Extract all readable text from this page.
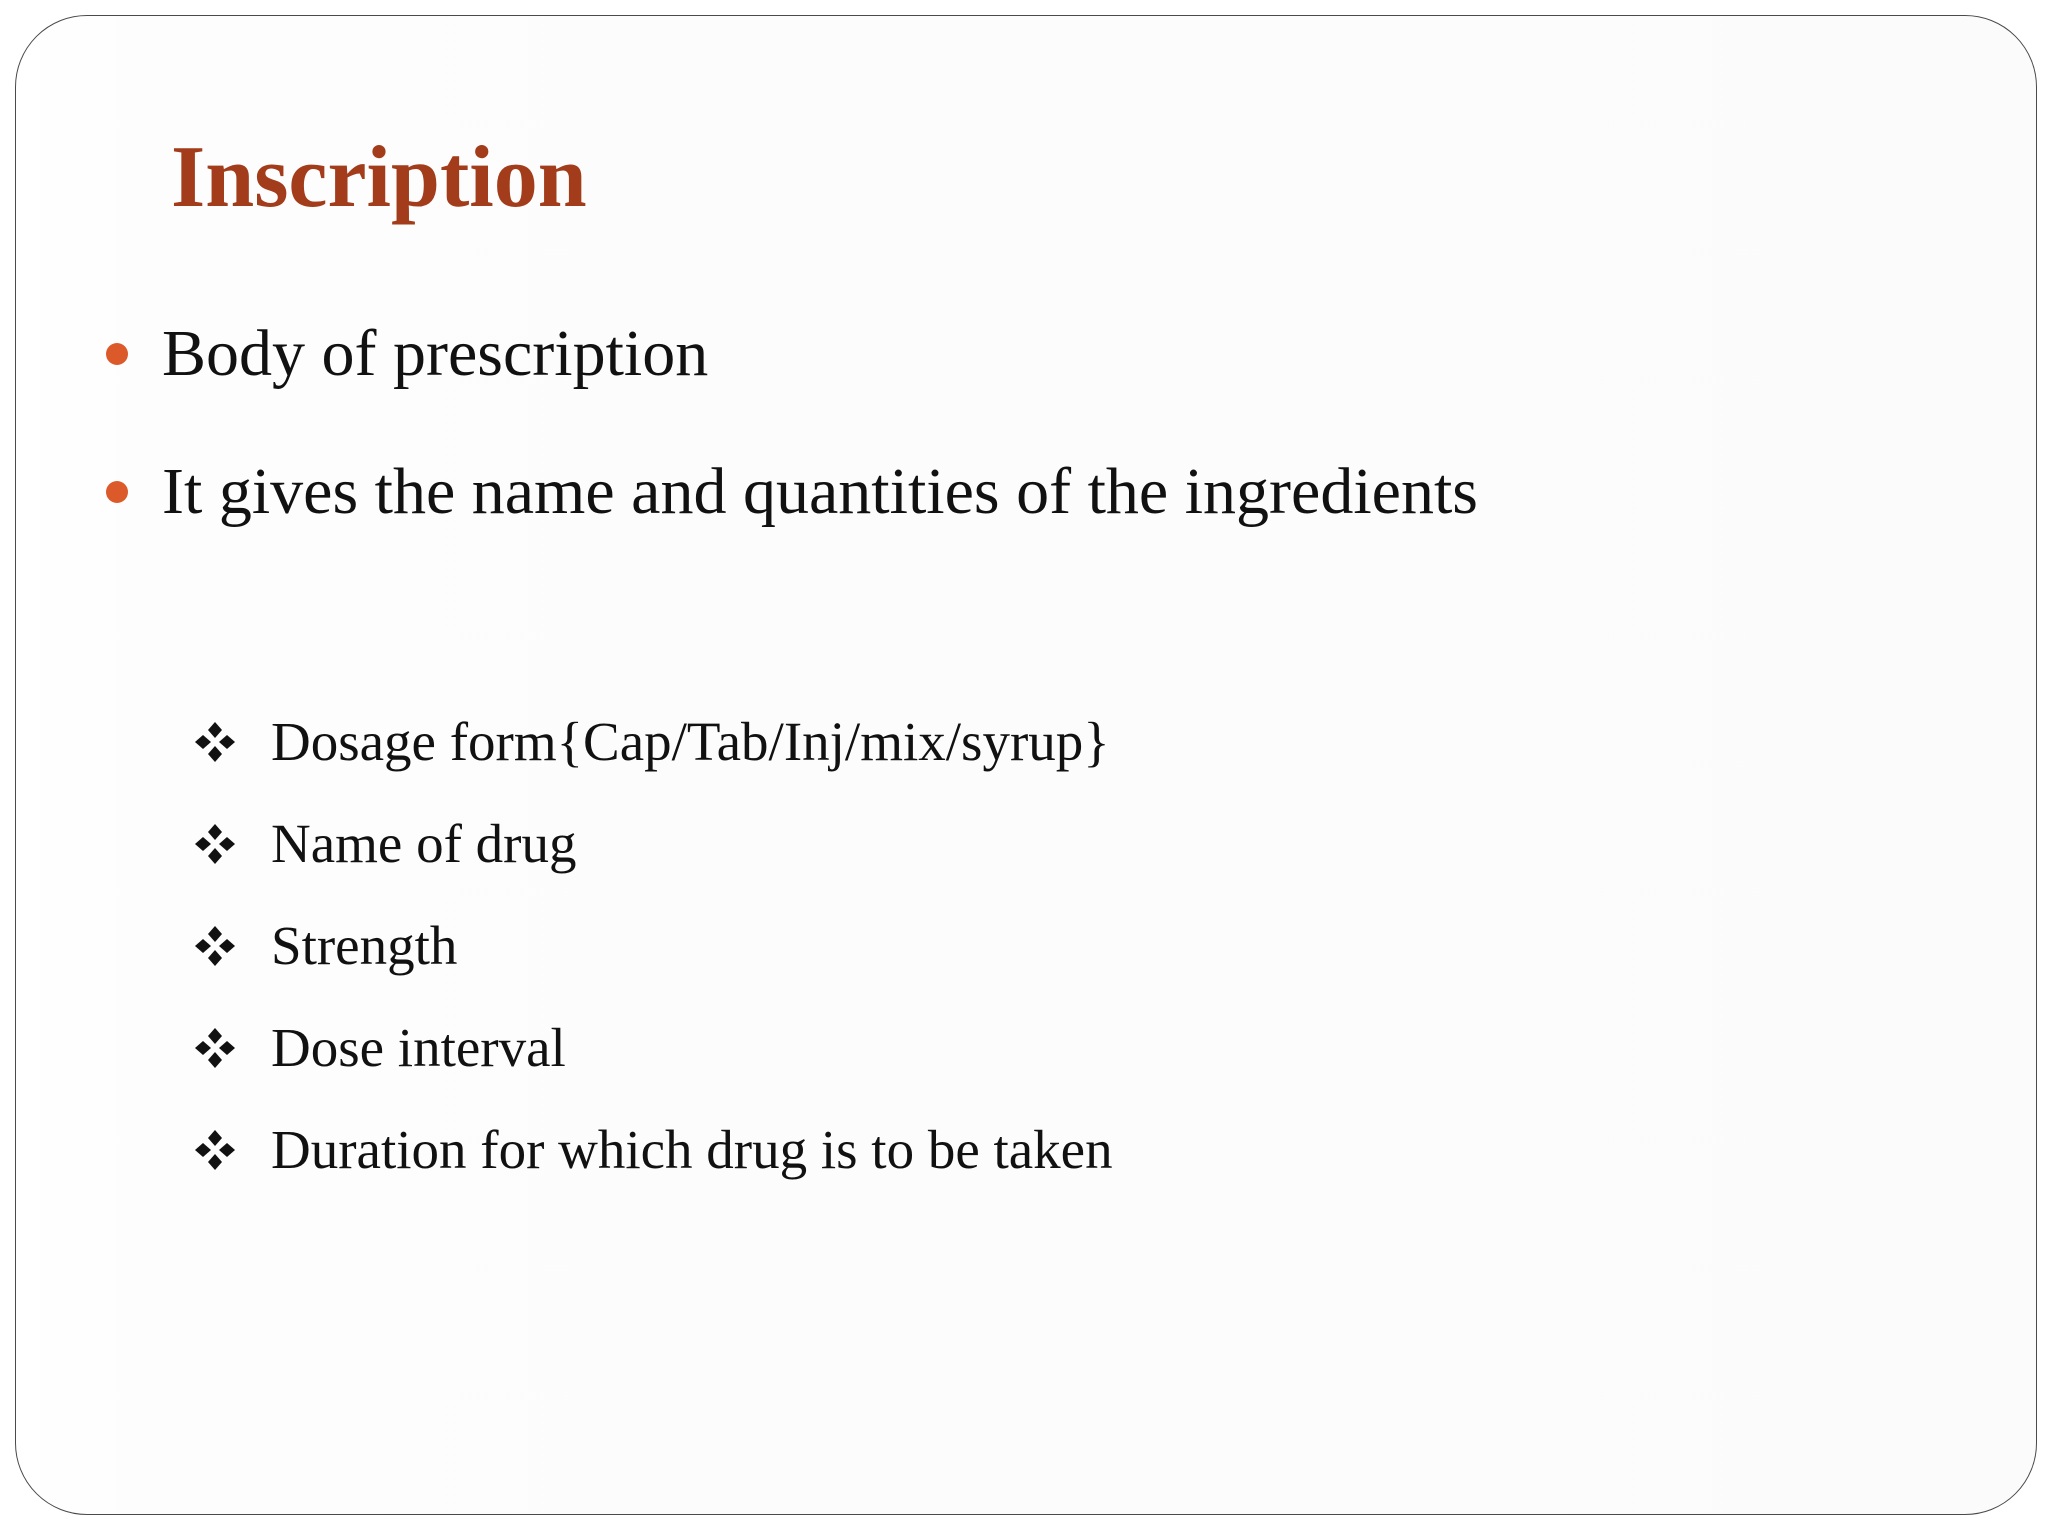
Inscription
Body of prescription
It gives the name and quantities of the ingredients
Dosage form{Cap/Tab/Inj/mix/syrup}
Name of drug
Strength
Dose interval
Duration for which drug is to be taken
